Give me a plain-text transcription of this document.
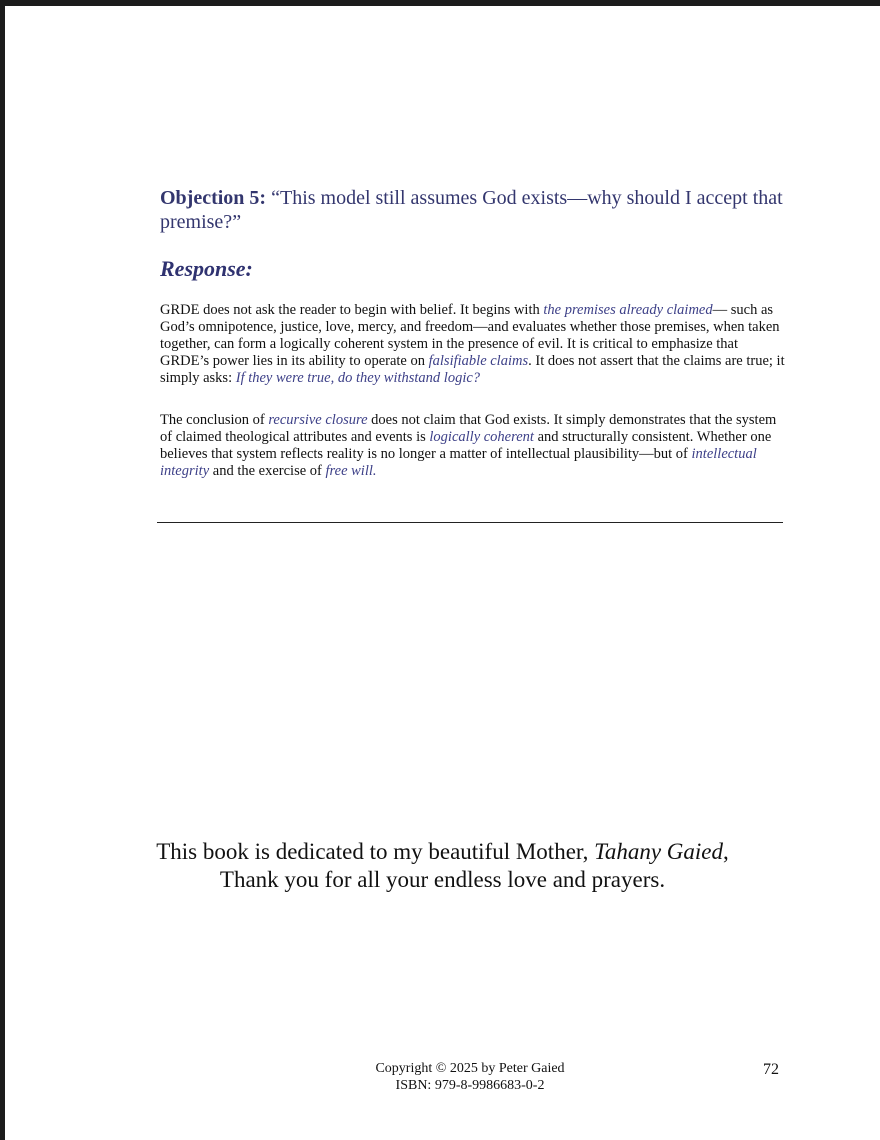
Objection 5: “This model still assumes God exists—why should I accept that premise?”
Response:
GRDE does not ask the reader to begin with belief. It begins with the premises already claimed— such as God’s omnipotence, justice, love, mercy, and freedom—and evaluates whether those premises, when taken together, can form a logically coherent system in the presence of evil. It is critical to emphasize that GRDE’s power lies in its ability to operate on falsifiable claims. It does not assert that the claims are true; it simply asks: If they were true, do they withstand logic?
The conclusion of recursive closure does not claim that God exists. It simply demonstrates that the system of claimed theological attributes and events is logically coherent and structurally consistent. Whether one believes that system reflects reality is no longer a matter of intellectual plausibility—but of intellectual integrity and the exercise of free will.
This book is dedicated to my beautiful Mother, Tahany Gaied,
Thank you for all your endless love and prayers.
Copyright © 2025 by Peter Gaied
ISBN: 979-8-9986683-0-2
72
